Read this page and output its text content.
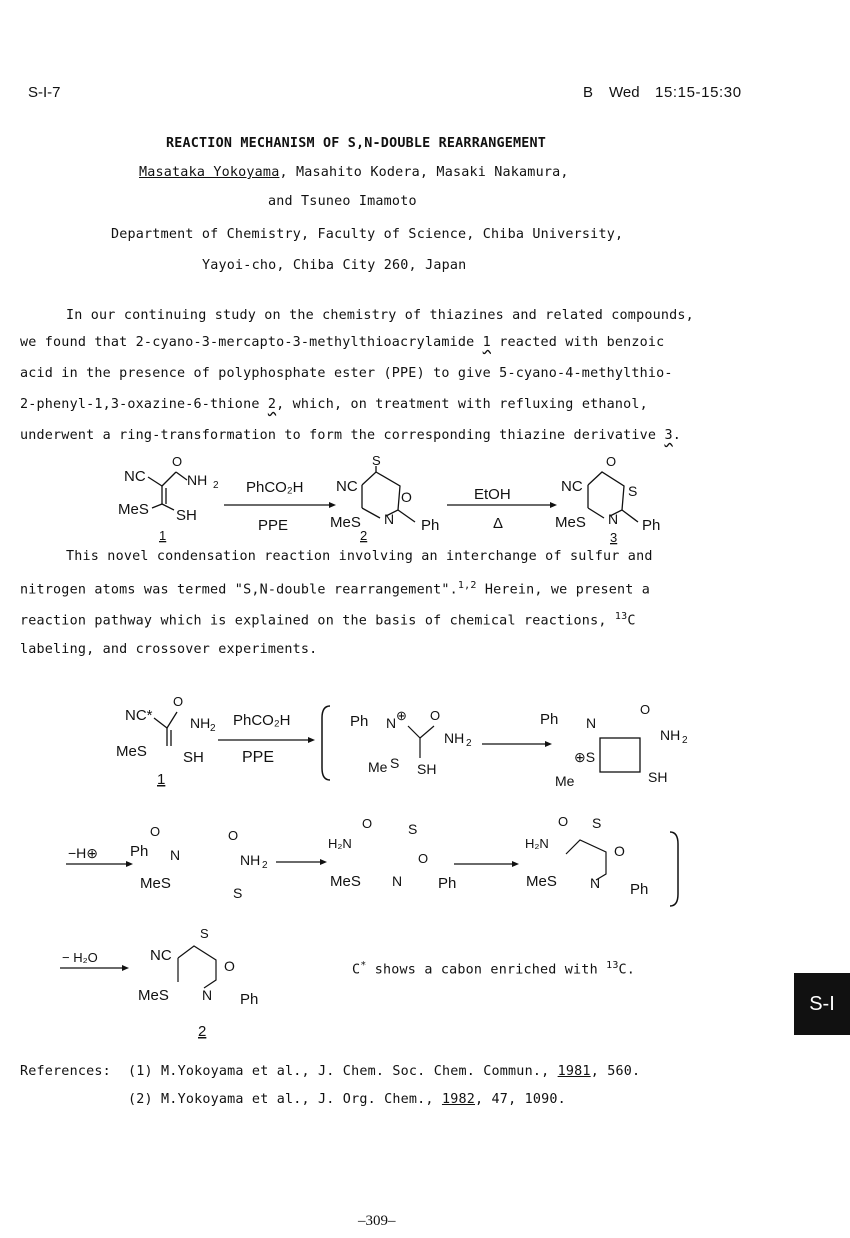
S-I-7	B Wed 15:15-15:30
REACTION MECHANISM OF S,N-DOUBLE REARRANGEMENT
Masataka Yokoyama, Masahito Kodera, Masaki Nakamura,
and Tsuneo Imamoto
Department of Chemistry, Faculty of Science, Chiba University,
Yayoi-cho, Chiba City 260, Japan
In our continuing study on the chemistry of thiazines and related compounds,
we found that 2-cyano-3-mercapto-3-methylthioacrylamide 1 reacted with benzoic
acid in the presence of polyphosphate ester (PPE) to give 5-cyano-4-methylthio-
2-phenyl-1,3-oxazine-6-thione 2, which, on treatment with refluxing ethanol,
underwent a ring-transformation to form the corresponding thiazine derivative 3.
NC
O
NH 2
MeS SH
1
PhCO₂H
PPE
S
NC
O
MeS N Ph
2
EtOH
Δ
O
NC	S
MeS N Ph
3
This novel condensation reaction involving an interchange of sulfur and
nitrogen atoms was termed "S,N-double rearrangement".$^{1,2}$ Herein, we present a
reaction pathway which is explained on the basis of chemical reactions, $^{13}$C
labeling, and crossover experiments.
NC*
O
NH 2
MeS SH
1
PhCO₂H
PPE
Ph N ⊕ O
NH 2
Me S SH
Ph N
O
NH 2
⊕S
SH
Me
−H⊕ Ph
O
N
O
NH 2
MeS
S
H₂N
O	S
MeS N
O
Ph
O S
H₂N	O
MeS N Ph
− H₂O
S
NC
O
MeS N Ph
2
C* shows a cabon enriched with $^{13}$C.
References: (1) M.Yokoyama et al., J. Chem. Soc. Chem. Commun., 1981, 560.
(2) M.Yokoyama et al., J. Org. Chem., 1982, 47, 1090.
–309–
S-I
